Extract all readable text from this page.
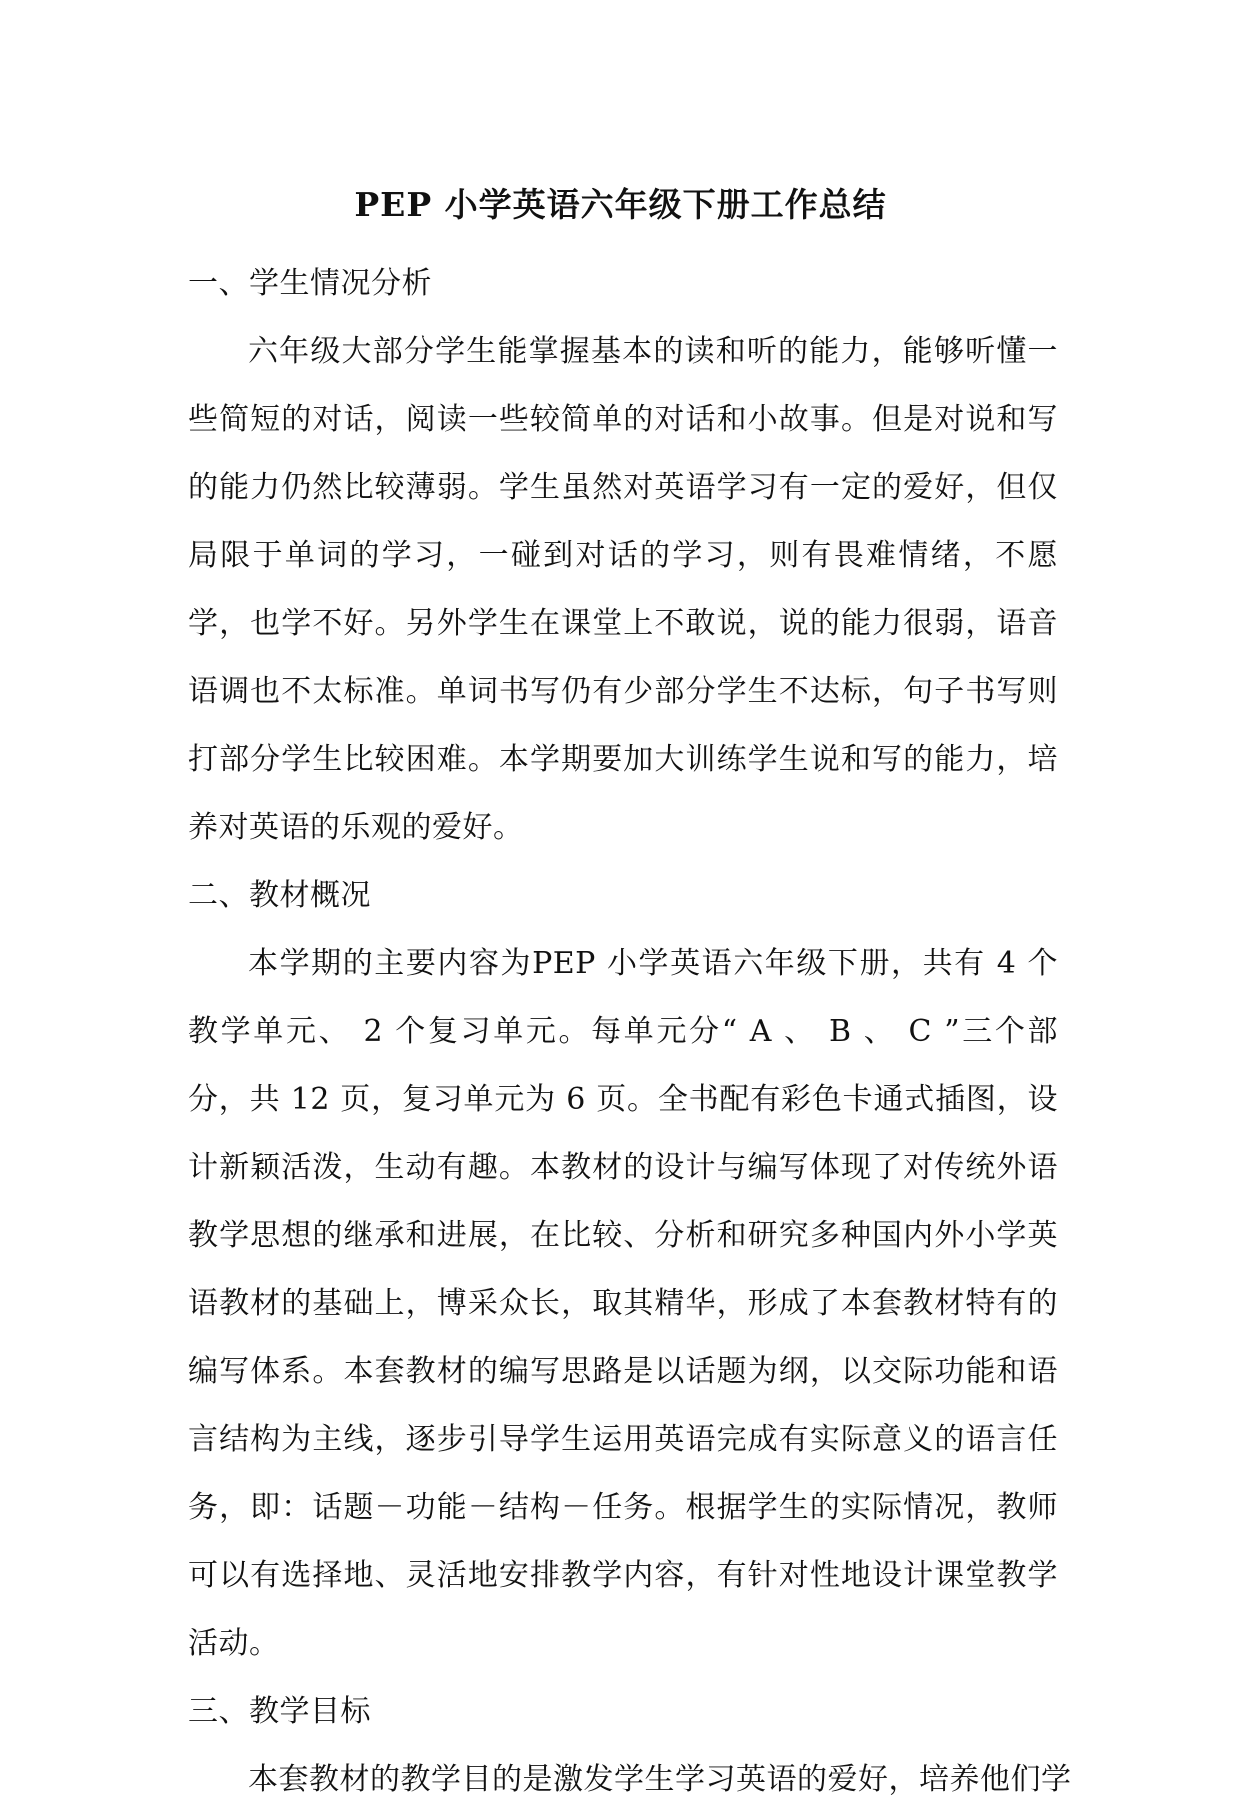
PEP 小学英语六年级下册工作总结

一、学生情况分析

六年级大部分学生能掌握基本的读和听的能力，能够听懂一些简短的对话，阅读一些较简单的对话和小故事。但是对说和写的能力仍然比较薄弱。学生虽然对英语学习有一定的爱好，但仅局限于单词的学习，一碰到对话的学习，则有畏难情绪，不愿学，也学不好。另外学生在课堂上不敢说，说的能力很弱，语音语调也不太标准。单词书写仍有少部分学生不达标，句子书写则打部分学生比较困难。本学期要加大训练学生说和写的能力，培养对英语的乐观的爱好。

二、教材概况

本学期的主要内容为PEP 小学英语六年级下册，共有 4 个教学单元、 2 个复习单元。每单元分“ A 、 B 、 C ”三个部分，共 12 页，复习单元为 6 页。全书配有彩色卡通式插图，设计新颖活泼，生动有趣。本教材的设计与编写体现了对传统外语教学思想的继承和进展，在比较、分析和研究多种国内外小学英语教材的基础上，博采众长，取其精华，形成了本套教材特有的编写体系。本套教材的编写思路是以话题为纲，以交际功能和语言结构为主线，逐步引导学生运用英语完成有实际意义的语言任务，即：话题－功能－结构－任务。根据学生的实际情况，教师可以有选择地、灵活地安排教学内容，有针对性地设计课堂教学活动。

三、教学目标

本套教材的教学目的是激发学生学习英语的爱好，培养他们学
